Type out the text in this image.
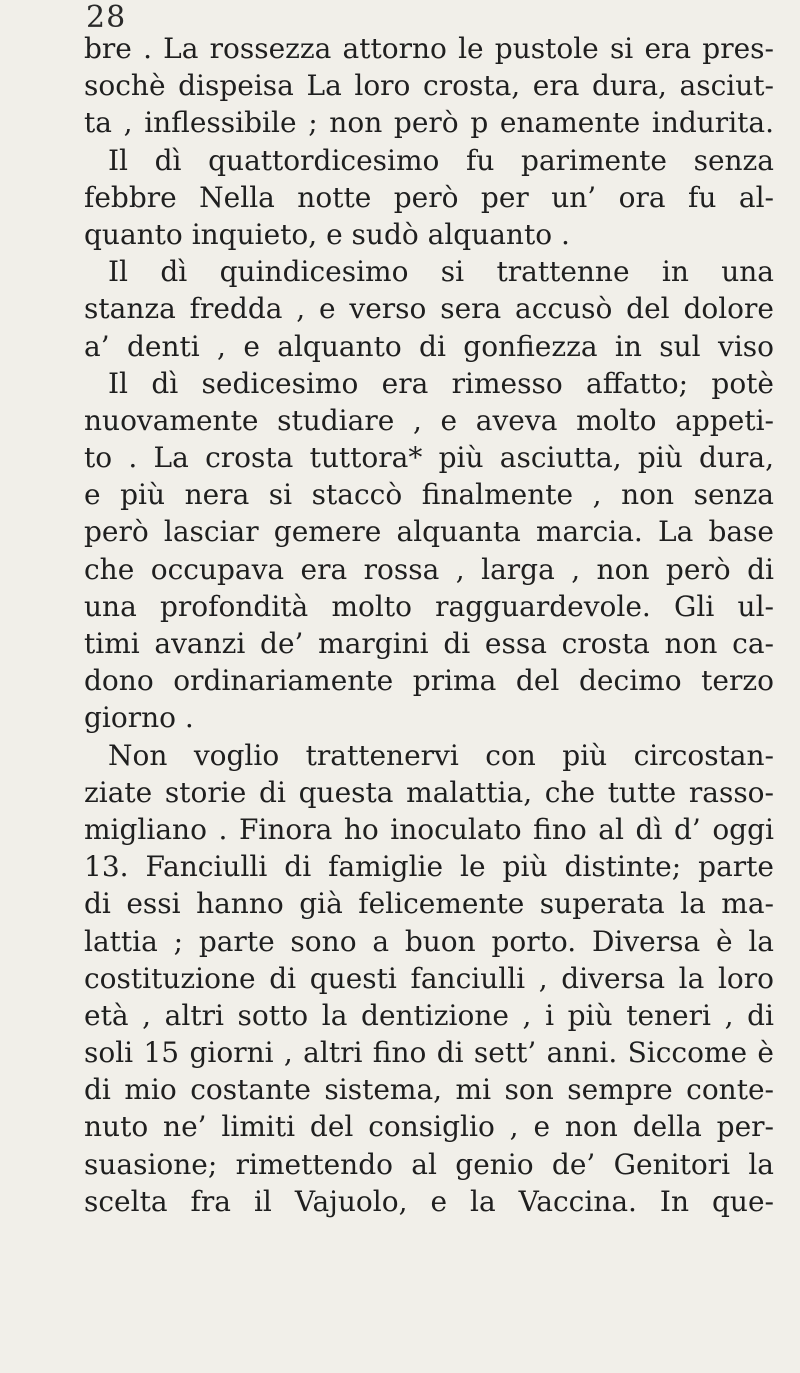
28
bre . La rossezza attorno le pustole si era pres-
sochè dispeisa La loro crosta, era dura, asciut-
ta , inflessibile ; non però p enamente indurita.
Il dì quattordicesimo fu parimente senza
febbre Nella notte però per un’ ora fu al-
quanto inquieto, e sudò alquanto .
Il dì quindicesimo si trattenne in una
stanza fredda , e verso sera accusò del dolore
a’ denti , e alquanto di gonfiezza in sul viso
Il dì sedicesimo era rimesso affatto; potè
nuovamente studiare , e aveva molto appeti-
to . La crosta tuttora* più asciutta, più dura,
e più nera si staccò finalmente , non senza
però lasciar gemere alquanta marcia. La base
che occupava era rossa , larga , non però di
una profondità molto ragguardevole. Gli ul-
timi avanzi de’ margini di essa crosta non ca-
dono ordinariamente prima del decimo terzo
giorno .
Non voglio trattenervi con più circostan-
ziate storie di questa malattia, che tutte rasso-
migliano . Finora ho inoculato fino al dì d’ oggi
13. Fanciulli di famiglie le più distinte; parte
di essi hanno già felicemente superata la ma-
lattia ; parte sono a buon porto. Diversa è la
costituzione di questi fanciulli , diversa la loro
età , altri sotto la dentizione , i più teneri , di
soli 15 giorni , altri fino di sett’ anni. Siccome è
di mio costante sistema, mi son sempre conte-
nuto ne’ limiti del consiglio , e non della per-
suasione; rimettendo al genio de’ Genitori la
scelta fra il Vajuolo, e la Vaccina. In que-
